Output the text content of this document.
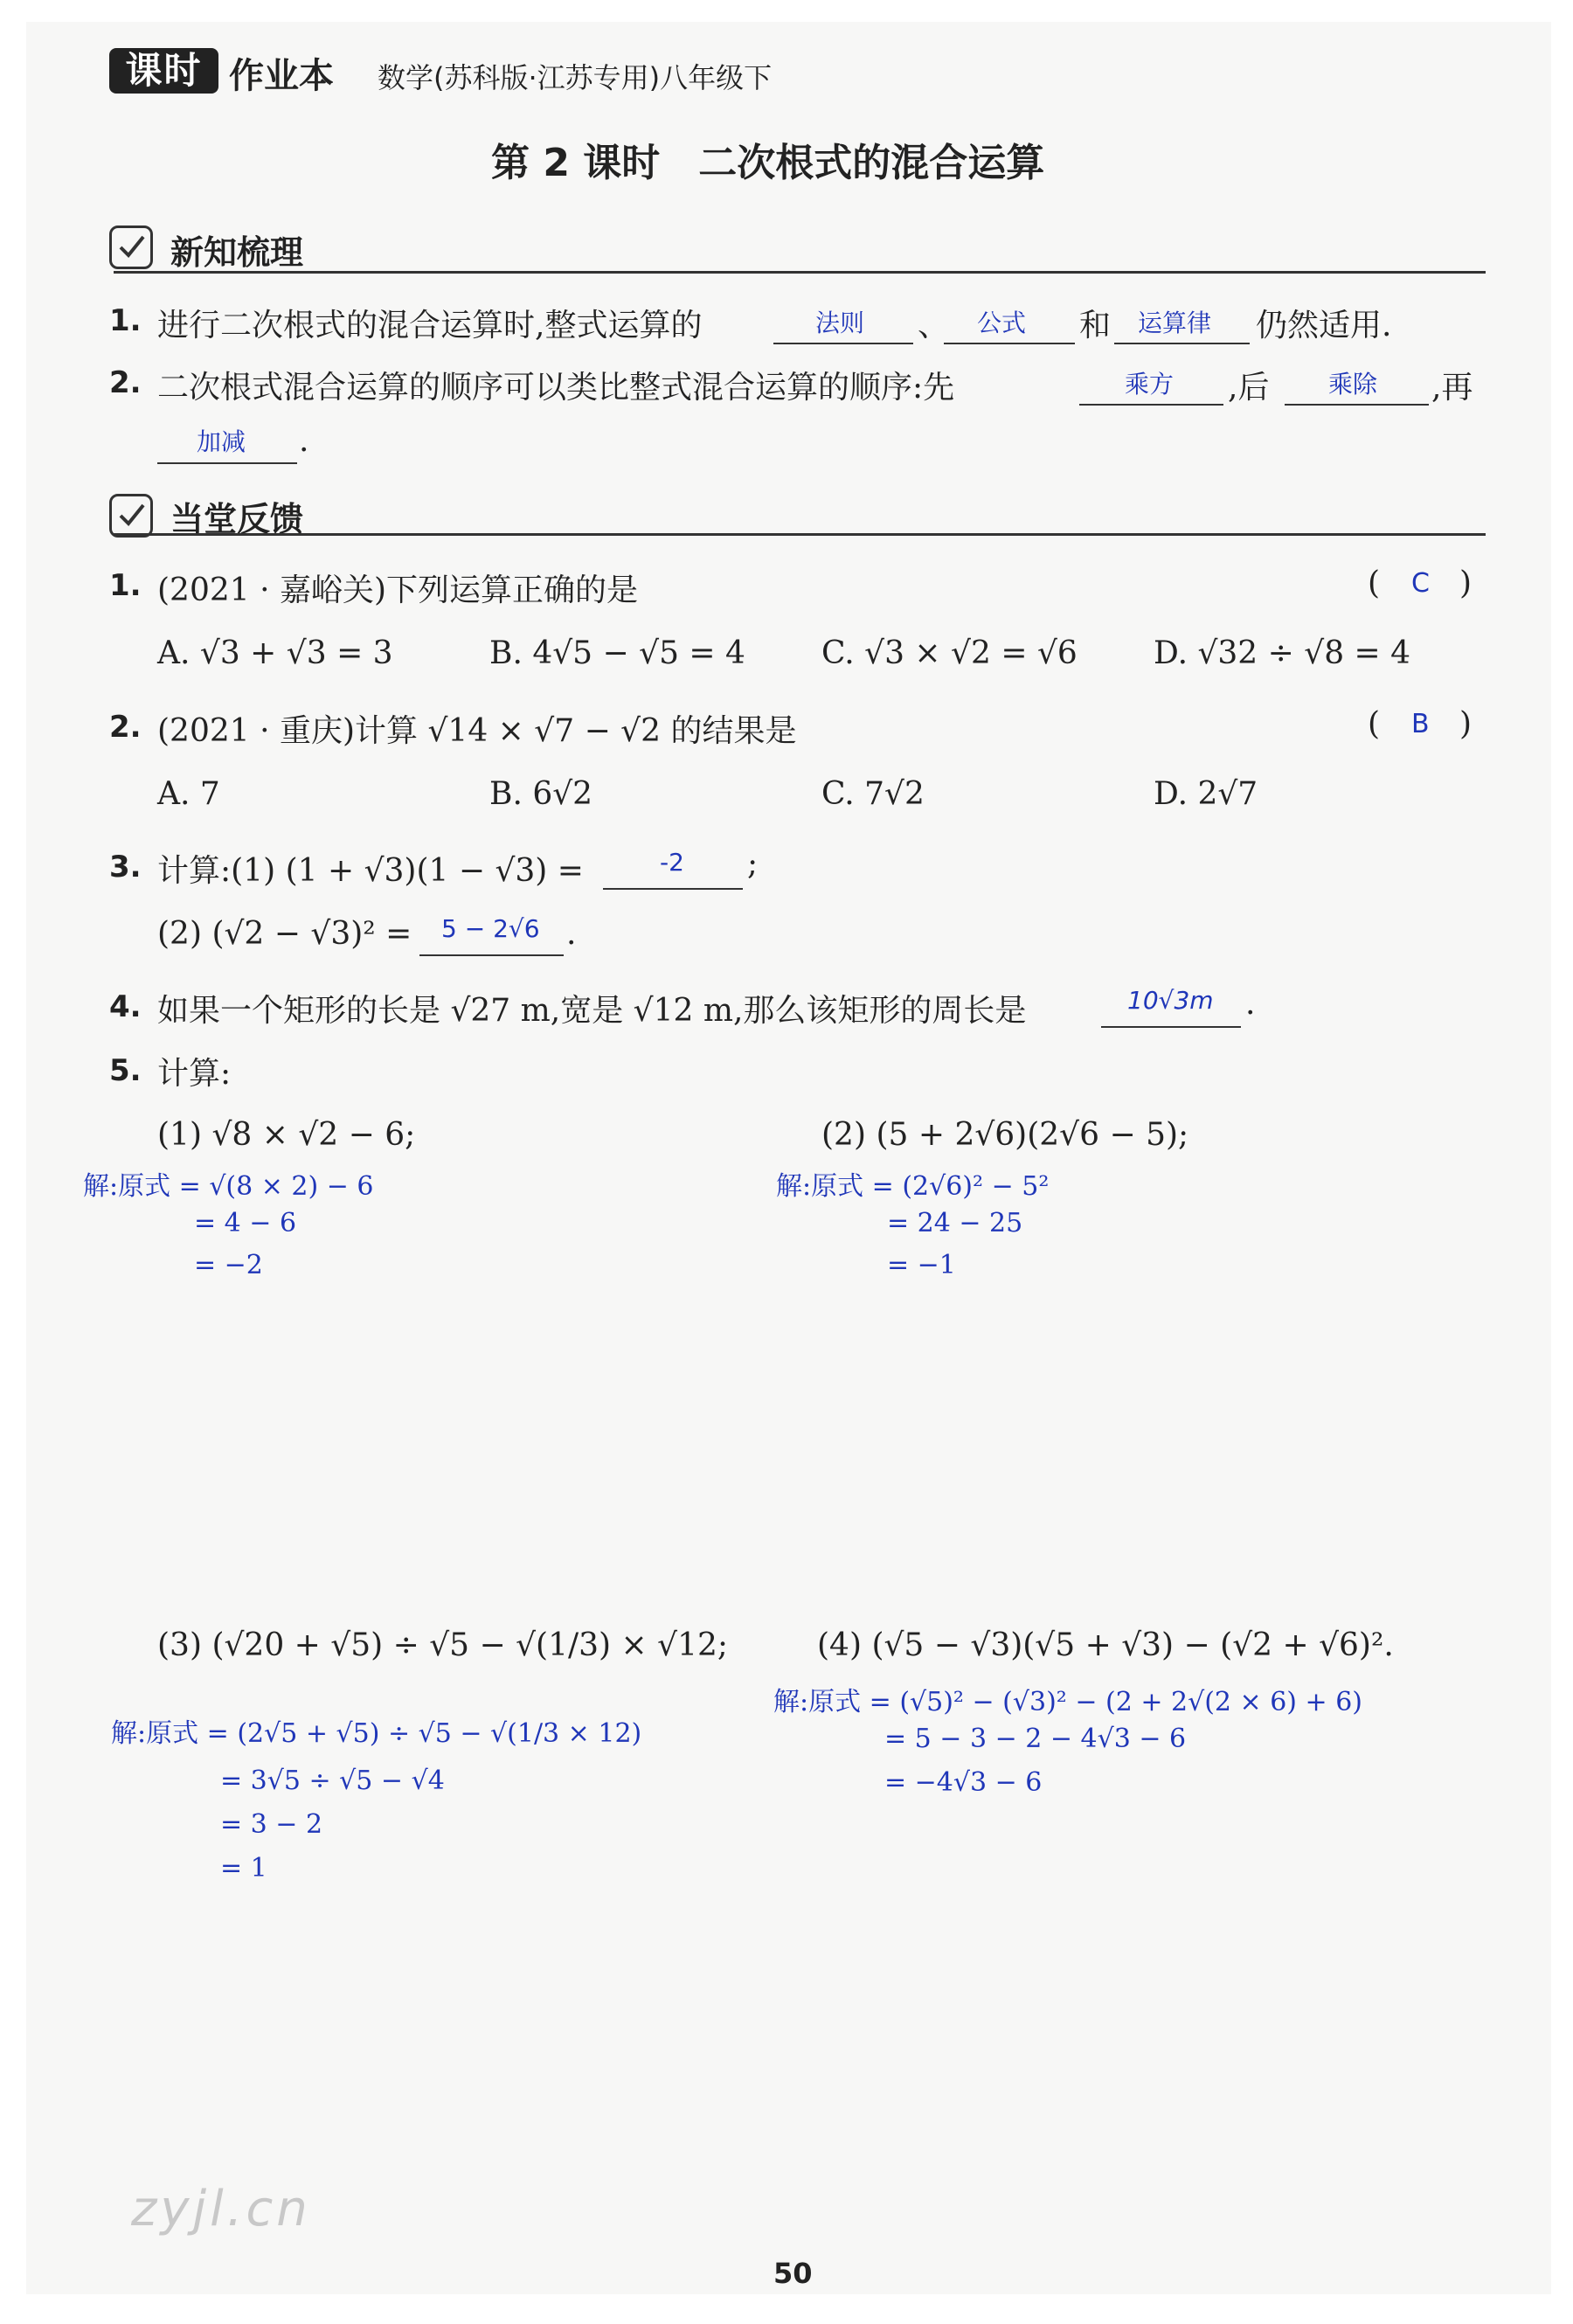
课时 作业本 数学(苏科版·江苏专用)八年级下
第 2 课时　二次根式的混合运算
新知梳理
1. 进行二次根式的混合运算时,整式运算的	法则 、 公式 和 运算律 仍然适用.
2. 二次根式混合运算的顺序可以类比整式混合运算的顺序:先	乘方 ,后 乘除 ,再
加减 .
当堂反馈
1. (2021 · 嘉峪关)下列运算正确的是	( C )
A. √3 + √3 = 3	B. 4√5 − √5 = 4 C. √3 × √2 = √6 D. √32 ÷ √8 = 4
2. (2021 · 重庆)计算 √14 × √7 − √2 的结果是	( B )
A. 7	B. 6√2	C. 7√2	D. 2√7
3. 计算:(1) (1 + √3)(1 − √3) =	-2 ;
(2) (√2 − √3)² = 5 − 2√6 .
4. 如果一个矩形的长是 √27 m,宽是 √12 m,那么该矩形的周长是	10√3m .
5. 计算:
(1) √8 × √2 − 6;
解:原式 = √(8 × 2) − 6
= 4 − 6
= −2
(2) (5 + 2√6)(2√6 − 5);
解:原式 = (2√6)² − 5²
= 24 − 25
= −1
(3) (√20 + √5) ÷ √5 − √(1/3) × √12;
解:原式 = (2√5 + √5) ÷ √5 − √(1/3 × 12)
= 3√5 ÷ √5 − √4
= 3 − 2
= 1
(4) (√5 − √3)(√5 + √3) − (√2 + √6)².
解:原式 = (√5)² − (√3)² − (2 + 2√(2 × 6) + 6)
= 5 − 3 − 2 − 4√3 − 6
= −4√3 − 6
zyjl.cn
50
